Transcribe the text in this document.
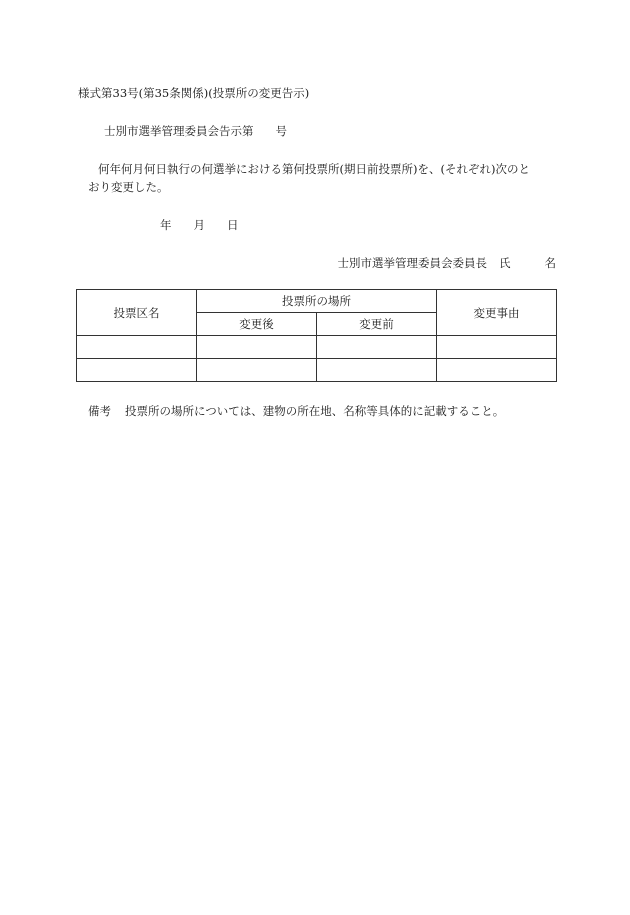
様式第33号(第35条関係)(投票所の変更告示)
士別市選挙管理委員会告示第 号
何年何月何日執行の何選挙における第何投票所(期日前投票所)を、(それぞれ)次のと
おり変更した。
年 月 日
士別市選挙管理委員会委員長 氏	名
投票区名	投票所の場所		変更事由
	変更後	変更前	

備考 投票所の場所については、建物の所在地、名称等具体的に記載すること。
